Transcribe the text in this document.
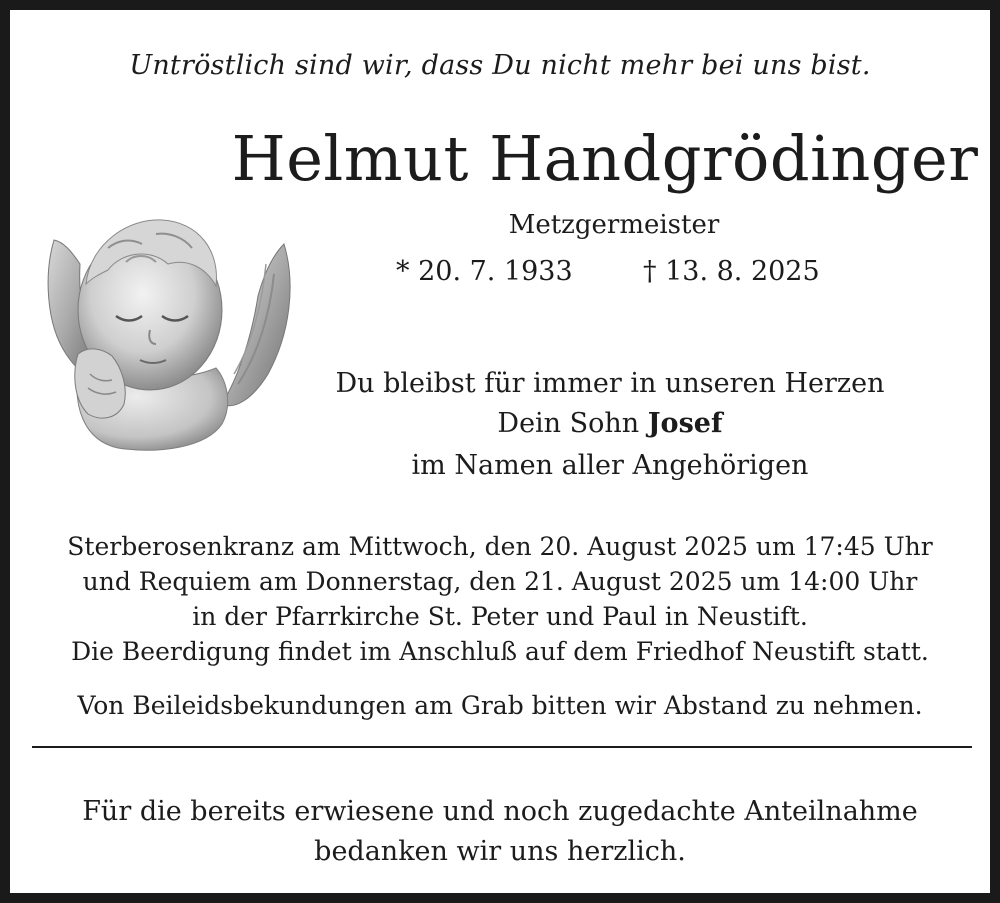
Untröstlich sind wir, dass Du nicht mehr bei uns bist.
Helmut Handgrödinger
Metzgermeister
* 20. 7. 1933	† 13. 8. 2025
Du bleibst für immer in unseren Herzen
Dein Sohn Josef
im Namen aller Angehörigen
Sterberosenkranz am Mittwoch, den 20. August 2025 um 17:45 Uhr
und Requiem am Donnerstag, den 21. August 2025 um 14:00 Uhr
in der Pfarrkirche St. Peter und Paul in Neustift.
Die Beerdigung findet im Anschluß auf dem Friedhof Neustift statt.
Von Beileidsbekundungen am Grab bitten wir Abstand zu nehmen.
Für die bereits erwiesene und noch zugedachte Anteilnahme
bedanken wir uns herzlich.
